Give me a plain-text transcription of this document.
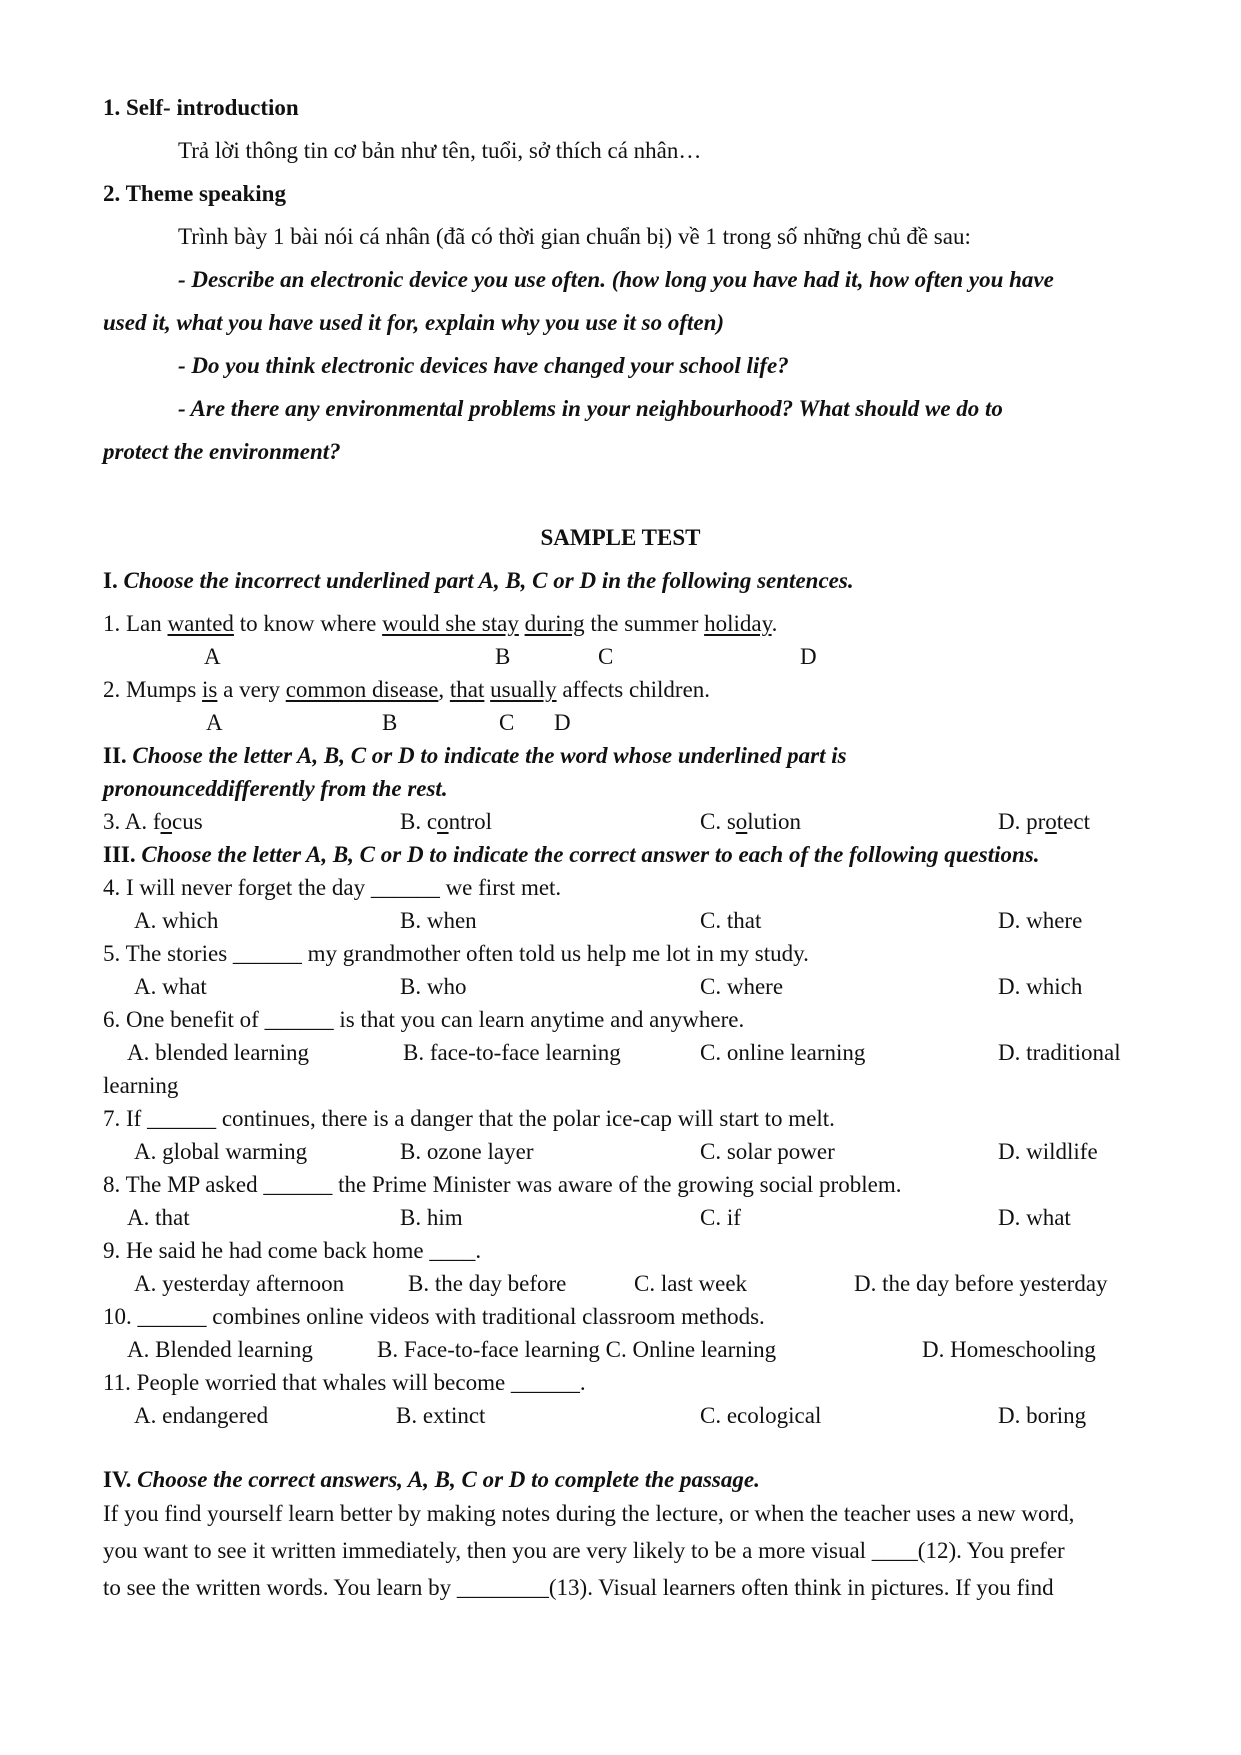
1. Self- introduction
Trả lời thông tin cơ bản như tên, tuổi, sở thích cá nhân…
2. Theme speaking
Trình bày 1 bài nói cá nhân (đã có thời gian chuẩn bị) về 1 trong số những chủ đề sau:
- Describe an electronic device you use often. (how long you have had it, how often you have
used it, what you have used it for, explain why you use it so often)
- Do you think electronic devices have changed your school life?
- Are there any environmental problems in your neighbourhood? What should we do to
protect the environment?
SAMPLE TEST
I. Choose the incorrect underlined part A, B, C or D in the following sentences.
1. Lan wanted to know where would she stay during the summer holiday.
A	B	C	D
2. Mumps is a very common disease, that usually affects children.
A	B	C D
II. Choose the letter A, B, C or D to indicate the word whose underlined part is
pronounceddifferently from the rest.
3. A. focus	B. control	C. solution	D. protect
III. Choose the letter A, B, C or D to indicate the correct answer to each of the following questions.
4. I will never forget the day ______ we first met.
A. which	B. when	C. that	D. where
5. The stories ______ my grandmother often told us help me lot in my study.
A. what	B. who	C. where	D. which
6. One benefit of ______ is that you can learn anytime and anywhere.
A. blended learning	B. face-to-face learning	C. online learning	D. traditional
learning
7. If ______ continues, there is a danger that the polar ice-cap will start to melt.
A. global warming	B. ozone layer	C. solar power	D. wildlife
8. The MP asked ______ the Prime Minister was aware of the growing social problem.
A. that	B. him	C. if	D. what
9. He said he had come back home ____.
A. yesterday afternoon	B. the day before	C. last week	D. the day before yesterday
10. ______ combines online videos with traditional classroom methods.
A. Blended learning	B. Face-to-face learning C. Online learning	D. Homeschooling
11. People worried that whales will become ______.
A. endangered	B. extinct	C. ecological	D. boring
IV. Choose the correct answers, A, B, C or D to complete the passage.
If you find yourself learn better by making notes during the lecture, or when the teacher uses a new word,
you want to see it written immediately, then you are very likely to be a more visual ____(12). You prefer
to see the written words. You learn by ________(13). Visual learners often think in pictures. If you find
